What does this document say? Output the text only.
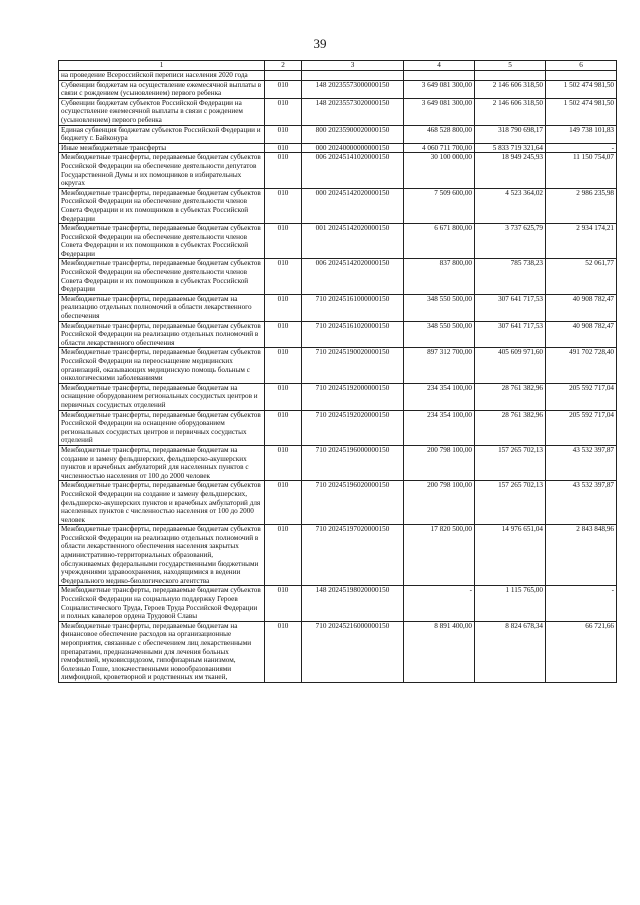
39
1	2	3	4	5	6
на проведение Всероссийской переписи населения 2020 года					
Субвенции бюджетам на осуществление ежемесячной выплаты в связи с рождением (усыновлением) первого ребенка	010	148 20235573000000150	3 649 081 300,00	2 146 606 318,50	1 502 474 981,50
Субвенции бюджетам субъектов Российской Федерации на осуществление ежемесячной выплаты в связи с рождением (усыновлением) первого ребенка	010	148 20235573020000150	3 649 081 300,00	2 146 606 318,50	1 502 474 981,50
Единая субвенция бюджетам субъектов Российской Федерации и бюджету г. Байконура	010	800 20235900020000150	468 528 800,00	318 790 698,17	149 738 101,83
Иные межбюджетные трансферты	010	000 20240000000000150	4 060 711 700,00	5 833 719 321,64	-
Межбюджетные трансферты, передаваемые бюджетам субъектов Российской Федерации на обеспечение деятельности депутатов Государственной Думы и их помощников в избирательных округах	010	006 20245141020000150	30 100 000,00	18 949 245,93	11 150 754,07
Межбюджетные трансферты, передаваемые бюджетам субъектов Российской Федерации на обеспечение деятельности членов Совета Федерации и их помощников в субъектах Российской Федерации	010	000 20245142020000150	7 509 600,00	4 523 364,02	2 986 235,98
Межбюджетные трансферты, передаваемые бюджетам субъектов Российской Федерации на обеспечение деятельности членов Совета Федерации и их помощников в субъектах Российской Федерации	010	001 20245142020000150	6 671 800,00	3 737 625,79	2 934 174,21
Межбюджетные трансферты, передаваемые бюджетам субъектов Российской Федерации на обеспечение деятельности членов Совета Федерации и их помощников в субъектах Российской Федерации	010	006 20245142020000150	837 800,00	785 738,23	52 061,77
Межбюджетные трансферты, передаваемые бюджетам на реализацию отдельных полномочий в области лекарственного обеспечения	010	710 20245161000000150	348 550 500,00	307 641 717,53	40 908 782,47
Межбюджетные трансферты, передаваемые бюджетам субъектов Российской Федерации на реализацию отдельных полномочий в области лекарственного обеспечения	010	710 20245161020000150	348 550 500,00	307 641 717,53	40 908 782,47
Межбюджетные трансферты, передаваемые бюджетам субъектов Российской Федерации на переоснащение медицинских организаций, оказывающих медицинскую помощь больным с онкологическими заболеваниями	010	710 20245190020000150	897 312 700,00	405 609 971,60	491 702 728,40
Межбюджетные трансферты, передаваемые бюджетам на оснащение оборудованием региональных сосудистых центров и первичных сосудистых отделений	010	710 20245192000000150	234 354 100,00	28 761 382,96	205 592 717,04
Межбюджетные трансферты, передаваемые бюджетам субъектов Российской Федерации на оснащение оборудованием региональных сосудистых центров и первичных сосудистых отделений	010	710 20245192020000150	234 354 100,00	28 761 382,96	205 592 717,04
Межбюджетные трансферты, передаваемые бюджетам на создание и замену фельдшерских, фельдшерско-акушерских пунктов и врачебных амбулаторий для населенных пунктов с численностью населения от 100 до 2000 человек	010	710 20245196000000150	200 798 100,00	157 265 702,13	43 532 397,87
Межбюджетные трансферты, передаваемые бюджетам субъектов Российской Федерации на создание и замену фельдшерских, фельдшерско-акушерских пунктов и врачебных амбулаторий для населенных пунктов с численностью населения от 100 до 2000 человек	010	710 20245196020000150	200 798 100,00	157 265 702,13	43 532 397,87
Межбюджетные трансферты, передаваемые бюджетам субъектов Российской Федерации на реализацию отдельных полномочий в области лекарственного обеспечения населения закрытых административно-территориальных образований, обслуживаемых федеральными государственными бюджетными учреждениями здравоохранения, находящимися в ведении Федерального медико-биологического агентства	010	710 20245197020000150	17 820 500,00	14 976 651,04	2 843 848,96
Межбюджетные трансферты, передаваемые бюджетам субъектов Российской Федерации на социальную поддержку Героев Социалистического Труда, Героев Труда Российской Федерации и полных кавалеров ордена Трудовой Славы	010	148 20245198020000150	-	1 115 765,00	-
Межбюджетные трансферты, передаваемые бюджетам на финансовое обеспечение расходов на организационные мероприятия, связанные с обеспечением лиц лекарственными препаратами, предназначенными для лечения больных гемофилией, муковисцидозом, гипофизарным нанизмом, болезнью Гоше, злокачественными новообразованиями лимфоидной, кроветворной и родственных им тканей,	010	710 20245216000000150	8 891 400,00	8 824 678,34	66 721,66
